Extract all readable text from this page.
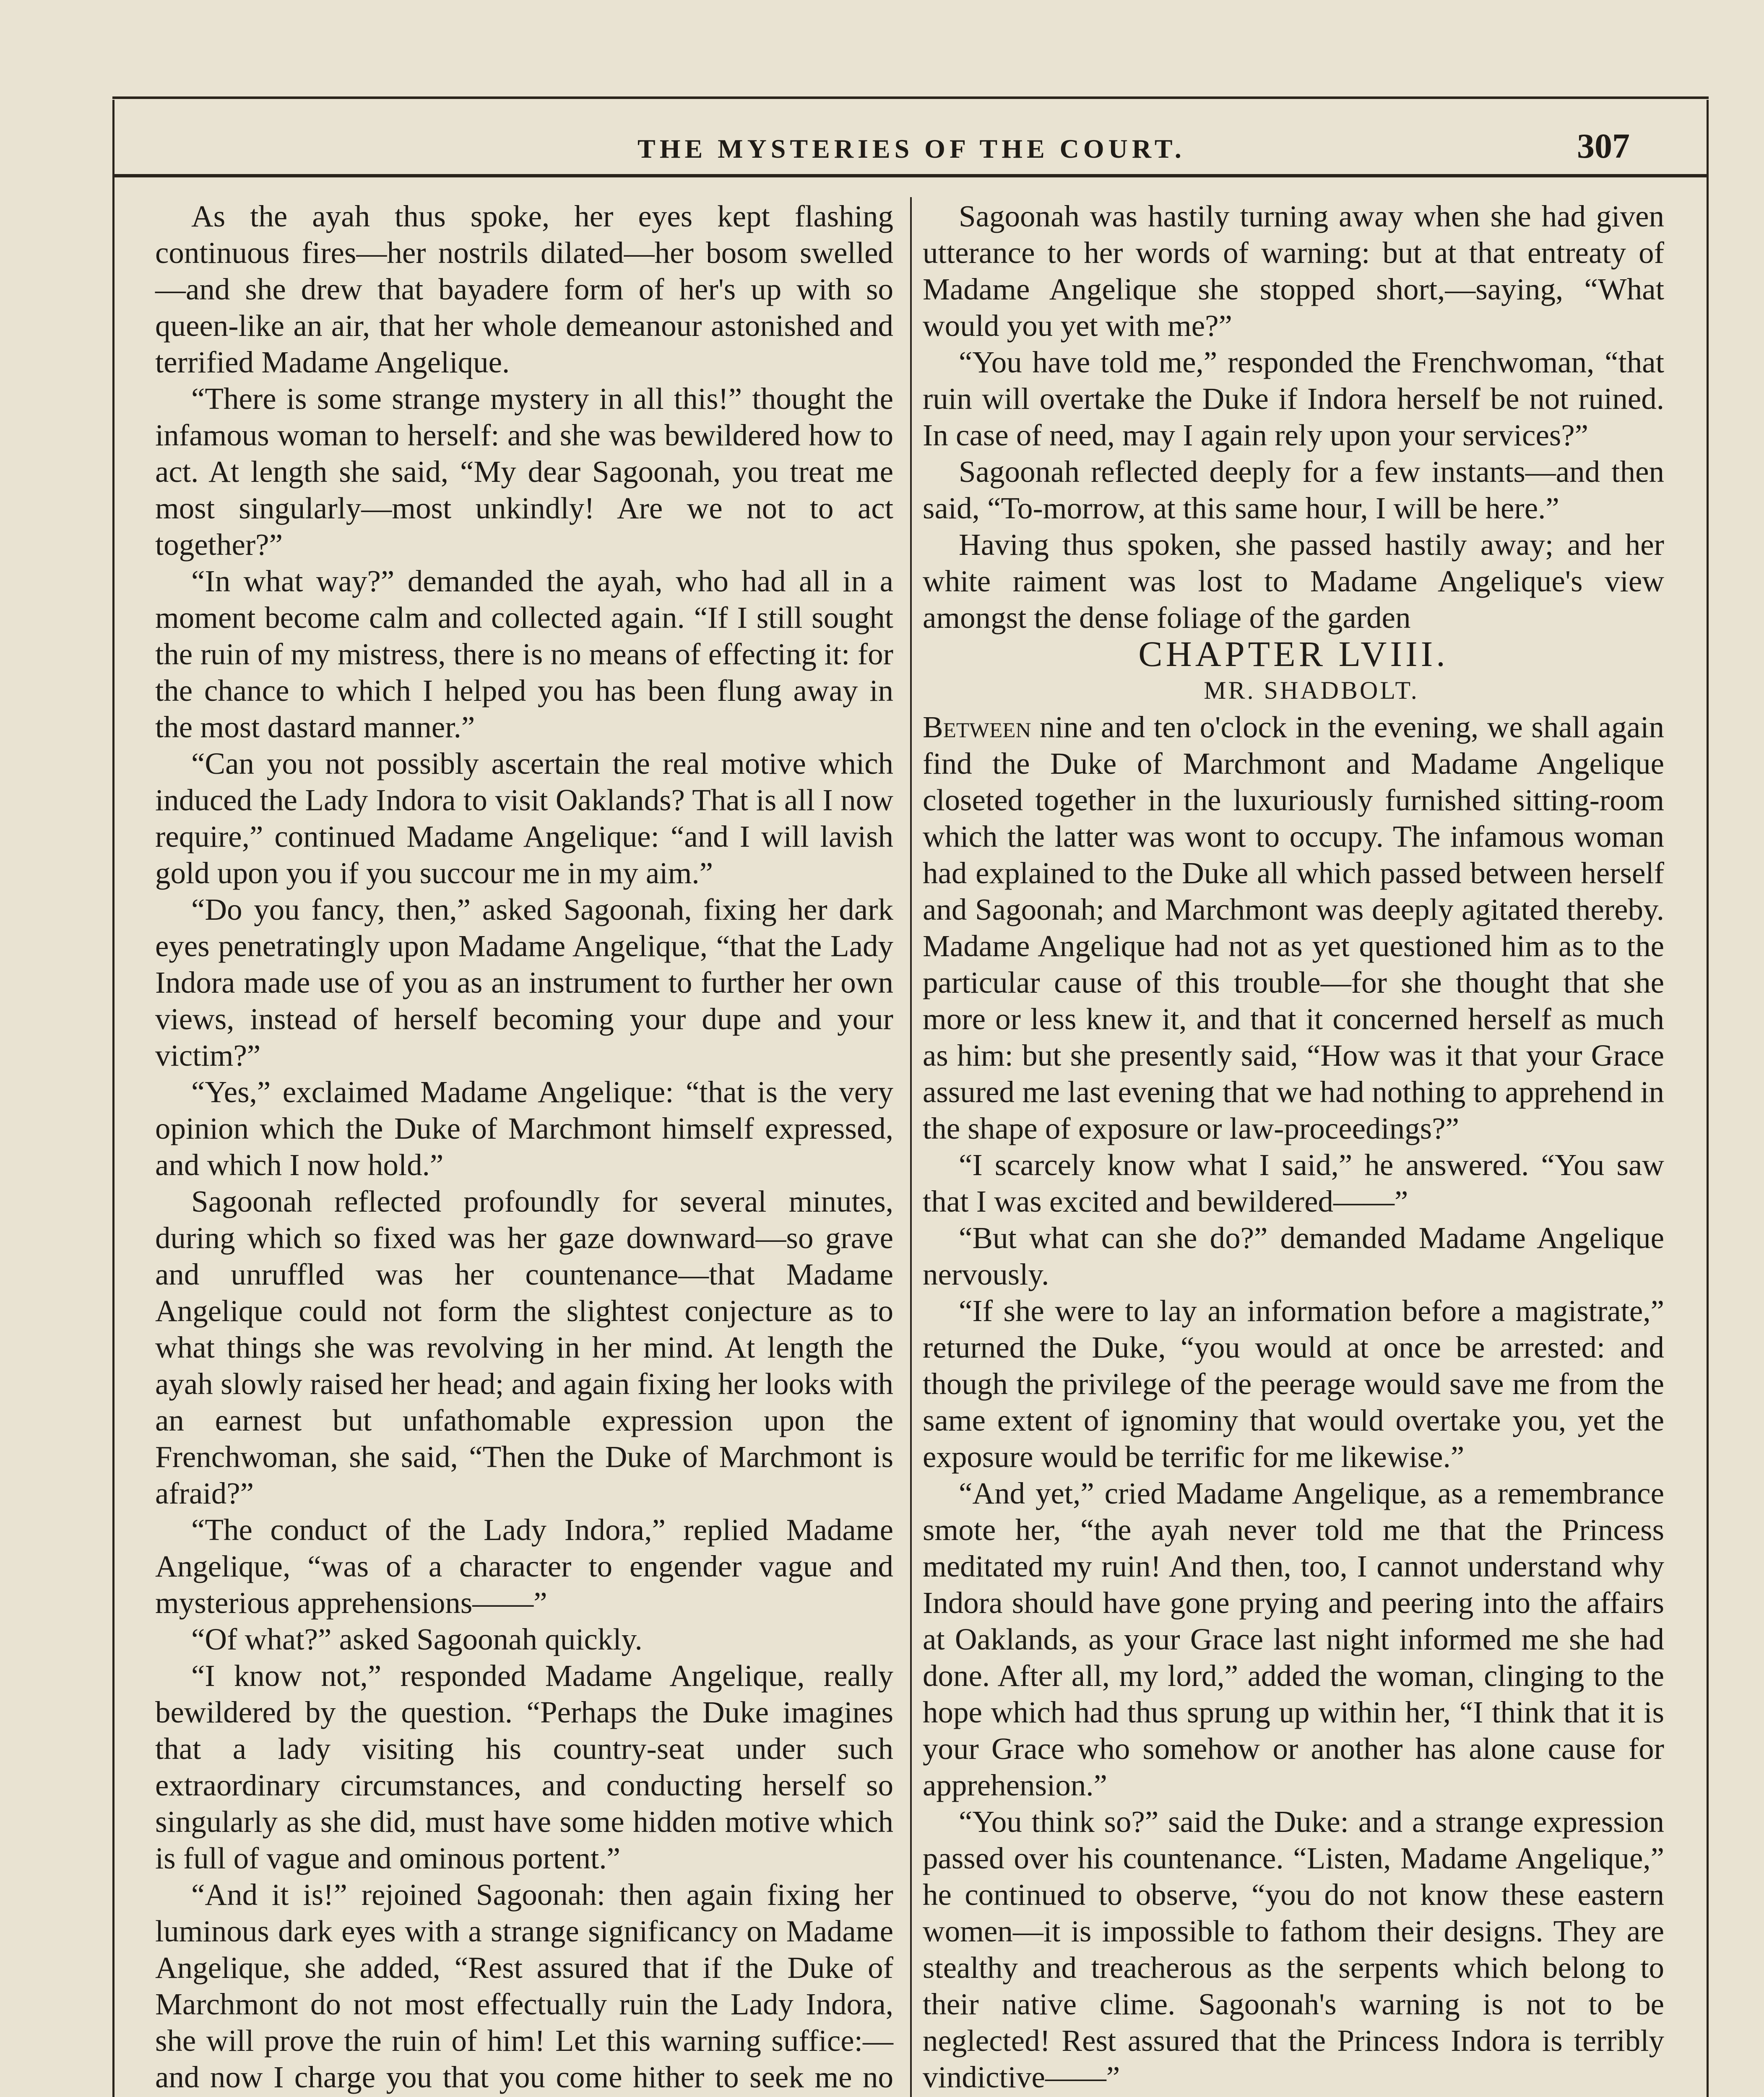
THE MYSTERIES OF THE COURT.	307

As the ayah thus spoke, her eyes kept flashing continuous fires—her nostrils dilated—her bosom swelled—and she drew that bayadere form of her's up with so queen-like an air, that her whole demeanour astonished and terrified Madame Angelique.

“There is some strange mystery in all this!” thought the infamous woman to herself: and she was bewildered how to act. At length she said, “My dear Sagoonah, you treat me most singularly—most unkindly! Are we not to act together?”

“In what way?” demanded the ayah, who had all in a moment become calm and collected again. “If I still sought the ruin of my mistress, there is no means of effecting it: for the chance to which I helped you has been flung away in the most dastard manner.”

“Can you not possibly ascertain the real motive which induced the Lady Indora to visit Oaklands? That is all I now require,” continued Madame Angelique: “and I will lavish gold upon you if you succour me in my aim.”

“Do you fancy, then,” asked Sagoonah, fixing her dark eyes penetratingly upon Madame Angelique, “that the Lady Indora made use of you as an instrument to further her own views, instead of herself becoming your dupe and your victim?”

“Yes,” exclaimed Madame Angelique: “that is the very opinion which the Duke of Marchmont himself expressed, and which I now hold.”

Sagoonah reflected profoundly for several minutes, during which so fixed was her gaze downward—so grave and unruffled was her countenance—that Madame Angelique could not form the slightest conjecture as to what things she was revolving in her mind. At length the ayah slowly raised her head; and again fixing her looks with an earnest but unfathomable expression upon the Frenchwoman, she said, “Then the Duke of Marchmont is afraid?”

“The conduct of the Lady Indora,” replied Madame Angelique, “was of a character to engender vague and mysterious apprehensions——”

“Of what?” asked Sagoonah quickly.

“I know not,” responded Madame Angelique, really bewildered by the question. “Perhaps the Duke imagines that a lady visiting his country-seat under such extraordinary circumstances, and conducting herself so singularly as she did, must have some hidden motive which is full of vague and ominous portent.”

“And it is!” rejoined Sagoonah: then again fixing her luminous dark eyes with a strange significancy on Madame Angelique, she added, “Rest assured that if the Duke of Marchmont do not most effectually ruin the Lady Indora, she will prove the ruin of him! Let this warning suffice:—and now I charge you that you come hither to seek me no

Sagoonah was hastily turning away when she had given utterance to her words of warning: but at that entreaty of Madame Angelique she stopped short,—saying, “What would you yet with me?”

“You have told me,” responded the Frenchwoman, “that ruin will overtake the Duke if Indora herself be not ruined. In case of need, may I again rely upon your services?”

Sagoonah reflected deeply for a few instants—and then said, “To-morrow, at this same hour, I will be here.”

Having thus spoken, she passed hastily away; and her white raiment was lost to Madame Angelique's view amongst the dense foliage of the garden

CHAPTER LVIII.

MR. SHADBOLT.

Between nine and ten o'clock in the evening, we shall again find the Duke of Marchmont and Madame Angelique closeted together in the luxuriously furnished sitting-room which the latter was wont to occupy. The infamous woman had explained to the Duke all which passed between herself and Sagoonah; and Marchmont was deeply agitated thereby. Madame Angelique had not as yet questioned him as to the particular cause of this trouble—for she thought that she more or less knew it, and that it concerned herself as much as him: but she presently said, “How was it that your Grace assured me last evening that we had nothing to apprehend in the shape of exposure or law-proceedings?”

“I scarcely know what I said,” he answered. “You saw that I was excited and bewildered——”

“But what can she do?” demanded Madame Angelique nervously.

“If she were to lay an information before a magistrate,” returned the Duke, “you would at once be arrested: and though the privilege of the peerage would save me from the same extent of ignominy that would overtake you, yet the exposure would be terrific for me likewise.”

“And yet,” cried Madame Angelique, as a remembrance smote her, “the ayah never told me that the Princess meditated my ruin! And then, too, I cannot understand why Indora should have gone prying and peering into the affairs at Oaklands, as your Grace last night informed me she had done. After all, my lord,” added the woman, clinging to the hope which had thus sprung up within her, “I think that it is your Grace who somehow or another has alone cause for apprehension.”

“You think so?” said the Duke: and a strange expression passed over his countenance. “Listen, Madame Angelique,” he continued to observe, “you do not know these eastern women—it is impossible to fathom their designs. They are stealthy and treacherous as the serpents which belong to their native clime. Sagoonah's warning is not to be neglected! Rest assured that the Princess Indora is terribly vindictive——”
